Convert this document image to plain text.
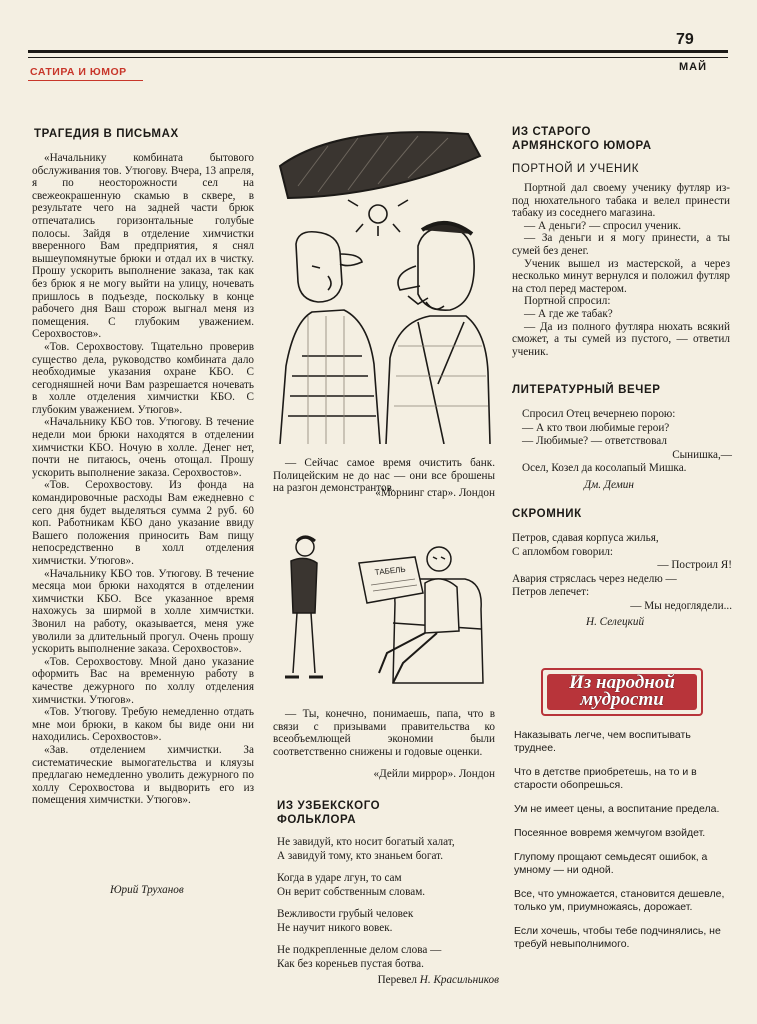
79
МАЙ
САТИРА И ЮМОР
ТРАГЕДИЯ В ПИСЬМАХ

«Начальнику комбината бытового обслуживания тов. Утюгову. Вчера, 13 апреля, я по неосторожности сел на свежеокрашенную скамью в сквере, в результате чего на задней части брюк отпечатались горизонтальные голубые полосы. Зайдя в отделение химчистки вверенного Вам предприятия, я снял вышеупомянутые брюки и отдал их в чистку. Прошу ускорить выполнение заказа, так как без брюк я не могу выйти на улицу, ночевать пришлось в подъезде, поскольку в конце рабочего дня Ваш сторож выгнал меня из помещения. С глубоким уважением. Серохвостов».

«Тов. Серохвостову. Тщательно проверив существо дела, руководство комбината дало необходимые указания охране КБО. С сегодняшней ночи Вам разрешается ночевать в холле отделения химчистки КБО. С глубоким уважением. Утюгов».

«Начальнику КБО тов. Утюгову. В течение недели мои брюки находятся в отделении химчистки КБО. Ночую в холле. Денег нет, почти не питаюсь, очень отощал. Прошу ускорить выполнение заказа. Серохвостов».

«Тов. Серохвостову. Из фонда на командировочные расходы Вам ежедневно с сего дня будет выделяться сумма 2 руб. 60 коп. Работникам КБО дано указание ввиду Вашего положения приносить Вам пищу непосредственно в холл отделения химчистки. Утюгов».

«Начальнику КБО тов. Утюгову. В течение месяца мои брюки находятся в отделении химчистки КБО. Все указанное время нахожусь за ширмой в холле химчистки. Звонил на работу, оказывается, меня уже уволили за длительный прогул. Очень прошу ускорить выполнение заказа. Серохвостов».

«Тов. Серохвостову. Мной дано указание оформить Вас на временную работу в качестве дежурного по холлу отделения химчистки. Утюгов».

«Тов. Утюгову. Требую немедленно отдать мне мои брюки, в каком бы виде они ни находились. Серохвостов».

«Зав. отделением химчистки. За систематические вымогательства и кляузы предлагаю немедленно уволить дежурного по холлу Серохвостова и выдворить его из помещения химчистки. Утюгов».

Юрий Труханов
— Сейчас самое время очистить банк. Полицейским не до нас — они все брошены на разгон демонстрантов.
«Морнинг стар». Лондон
ТАБЕЛЬ
— Ты, конечно, понимаешь, папа, что в связи с призывами правительства ко всеобъемлющей экономии были соответственно снижены и годовые оценки.
«Дейли миррор». Лондон
ИЗ УЗБЕКСКОГО
ФОЛЬКЛОРА
Не завидуй, кто носит богатый халат,
А завидуй тому, кто знаньем богат.
Когда в ударе лгун, то сам
Он верит собственным словам.
Вежливости грубый человек
Не научит никого вовек.
Не подкрепленные делом слова —
Как без кореньев пустая ботва.
Перевел Н. Красильников
ИЗ СТАРОГО
АРМЯНСКОГО ЮМОРА
ПОРТНОЙ И УЧЕНИК

Портной дал своему ученику футляр из-под нюхательного табака и велел принести табаку из соседнего магазина.

— А деньги? — спросил ученик.

— За деньги и я могу принести, а ты сумей без денег.

Ученик вышел из мастерской, а через несколько минут вернулся и положил футляр на стол перед мастером.

Портной спросил:

— А где же табак?

— Да из полного футляра нюхать всякий сможет, а ты сумей из пустого, — ответил ученик.

ЛИТЕРАТУРНЫЙ ВЕЧЕР
Спросил Отец вечернею порою:
— А кто твои любимые герои?
— Любимые? — ответствовал
Сынишка,—
Осел, Козел да косолапый Мишка.
Дм. Демин
СКРОМНИК
Петров, сдавая корпуса жилья,
С апломбом говорил:
— Построил Я!
Авария стряслась через неделю —
Петров лепечет:
— Мы недоглядели...
Н. Селецкий
Из народной
мудрости

Наказывать легче, чем воспитывать труднее.

Что в детстве приобретешь, на то и в старости обопрешься.

Ум не имеет цены, а воспитание предела.

Посеянное вовремя жемчугом взойдет.

Глупому прощают семьдесят ошибок, а умному — ни одной.

Все, что умножается, становится дешевле, только ум, приумножаясь, дорожает.

Если хочешь, чтобы тебе подчинялись, не требуй невыполнимого.
